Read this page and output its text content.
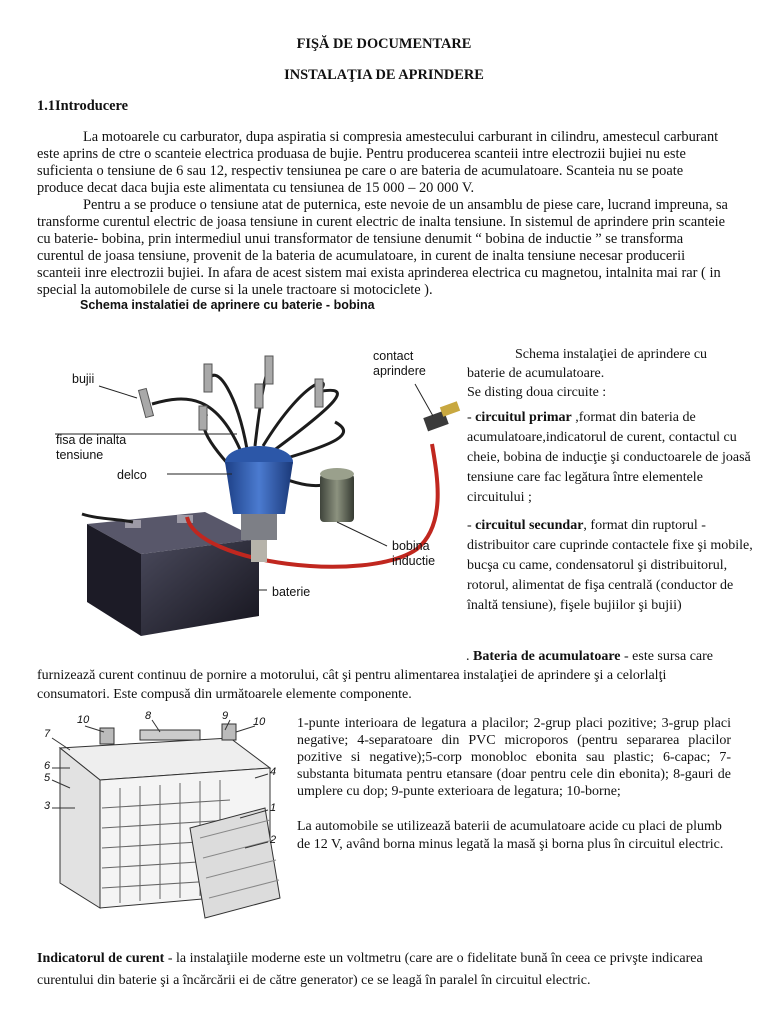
FIŞĂ DE DOCUMENTARE
INSTALAŢIA DE APRINDERE
1.1Introducere
La motoarele cu carburator, dupa aspiratia si compresia amestecului carburant in cilindru, amestecul carburant este aprins de ctre o scanteie electrica produasa de bujie. Pentru producerea scanteii intre electrozii bujiei nu este suficienta o tensiune de 6 sau 12, respectiv tensiunea pe care o are bateria de acumulatoare. Scanteia nu se poate produce decat daca bujia este alimentata cu tensiunea de 15 000 – 20 000 V.
Pentru a se produce o tensiune atat de puternica, este nevoie de un ansamblu de piese care, lucrand impreuna, sa transforme curentul electric de joasa tensiune in curent electric de inalta tensiune. In sistemul de aprindere prin scanteie cu baterie- bobina, prin intermediul unui transformator de tensiune denumit “ bobina de inductie ” se transforma curentul de joasa tensiune, provenit de la bateria de acumulatoare, in curent de inalta tensiune necesar producerii scanteii inre electrozii bujiei. In afara de acest sistem mai exista aprinderea electrica cu magnetou, intalnita mai rar ( in special la automobilele de curse si la unele tractoare si motociclete ).
Schema instalatiei de aprinere cu baterie - bobina
bujii
contact
aprindere
fisa de inalta
tensiune
delco
bobina
inductie
baterie
Schema instalaţiei de aprindere cu
baterie de acumulatoare.
Se disting doua circuite :
- circuitul primar ,format din bateria de acumulatoare,indicatorul de curent, contactul cu cheie, bobina de inducţie şi conductoarele de joasă tensiune care fac legătura între elementele circuitului ;
- circuitul secundar, format din ruptorul - distribuitor care cuprinde contactele fixe şi mobile, bucşa cu came, condensatorul şi distribuitorul, rotorul, alimentat de fişa centrală (conductor de înaltă tensiune), fişele bujiilor şi bujii)
. Bateria de acumulatoare - este sursa care furnizează curent continuu de pornire a motorului, cât şi pentru alimentarea instalaţiei de aprindere şi a celorlalţi consumatori. Este compusă din următoarele elemente componente.
10	8	9 10
7
6
5
3
4
1
2
1-punte interioara de legatura a placilor; 2-grup placi pozitive; 3-grup placi negative; 4-separatoare din PVC microporos (pentru separarea placilor pozitive si negative);5-corp monobloc ebonita sau plastic; 6-capac; 7-substanta bitumata pentru etansare (doar pentru cele din ebonita); 8-gauri de umplere cu dop; 9-punte exterioara de legatura; 10-borne;
La automobile se utilizează baterii de acumulatoare acide cu placi de plumb de 12 V, având borna minus legată la masă şi borna plus în circuitul electric.
Indicatorul de curent - la instalaţiile moderne este un voltmetru (care are o fidelitate bună în ceea ce privşte indicarea curentului din baterie şi a încărcării ei de către generator) ce se leagă în paralel în circuitul electric.
